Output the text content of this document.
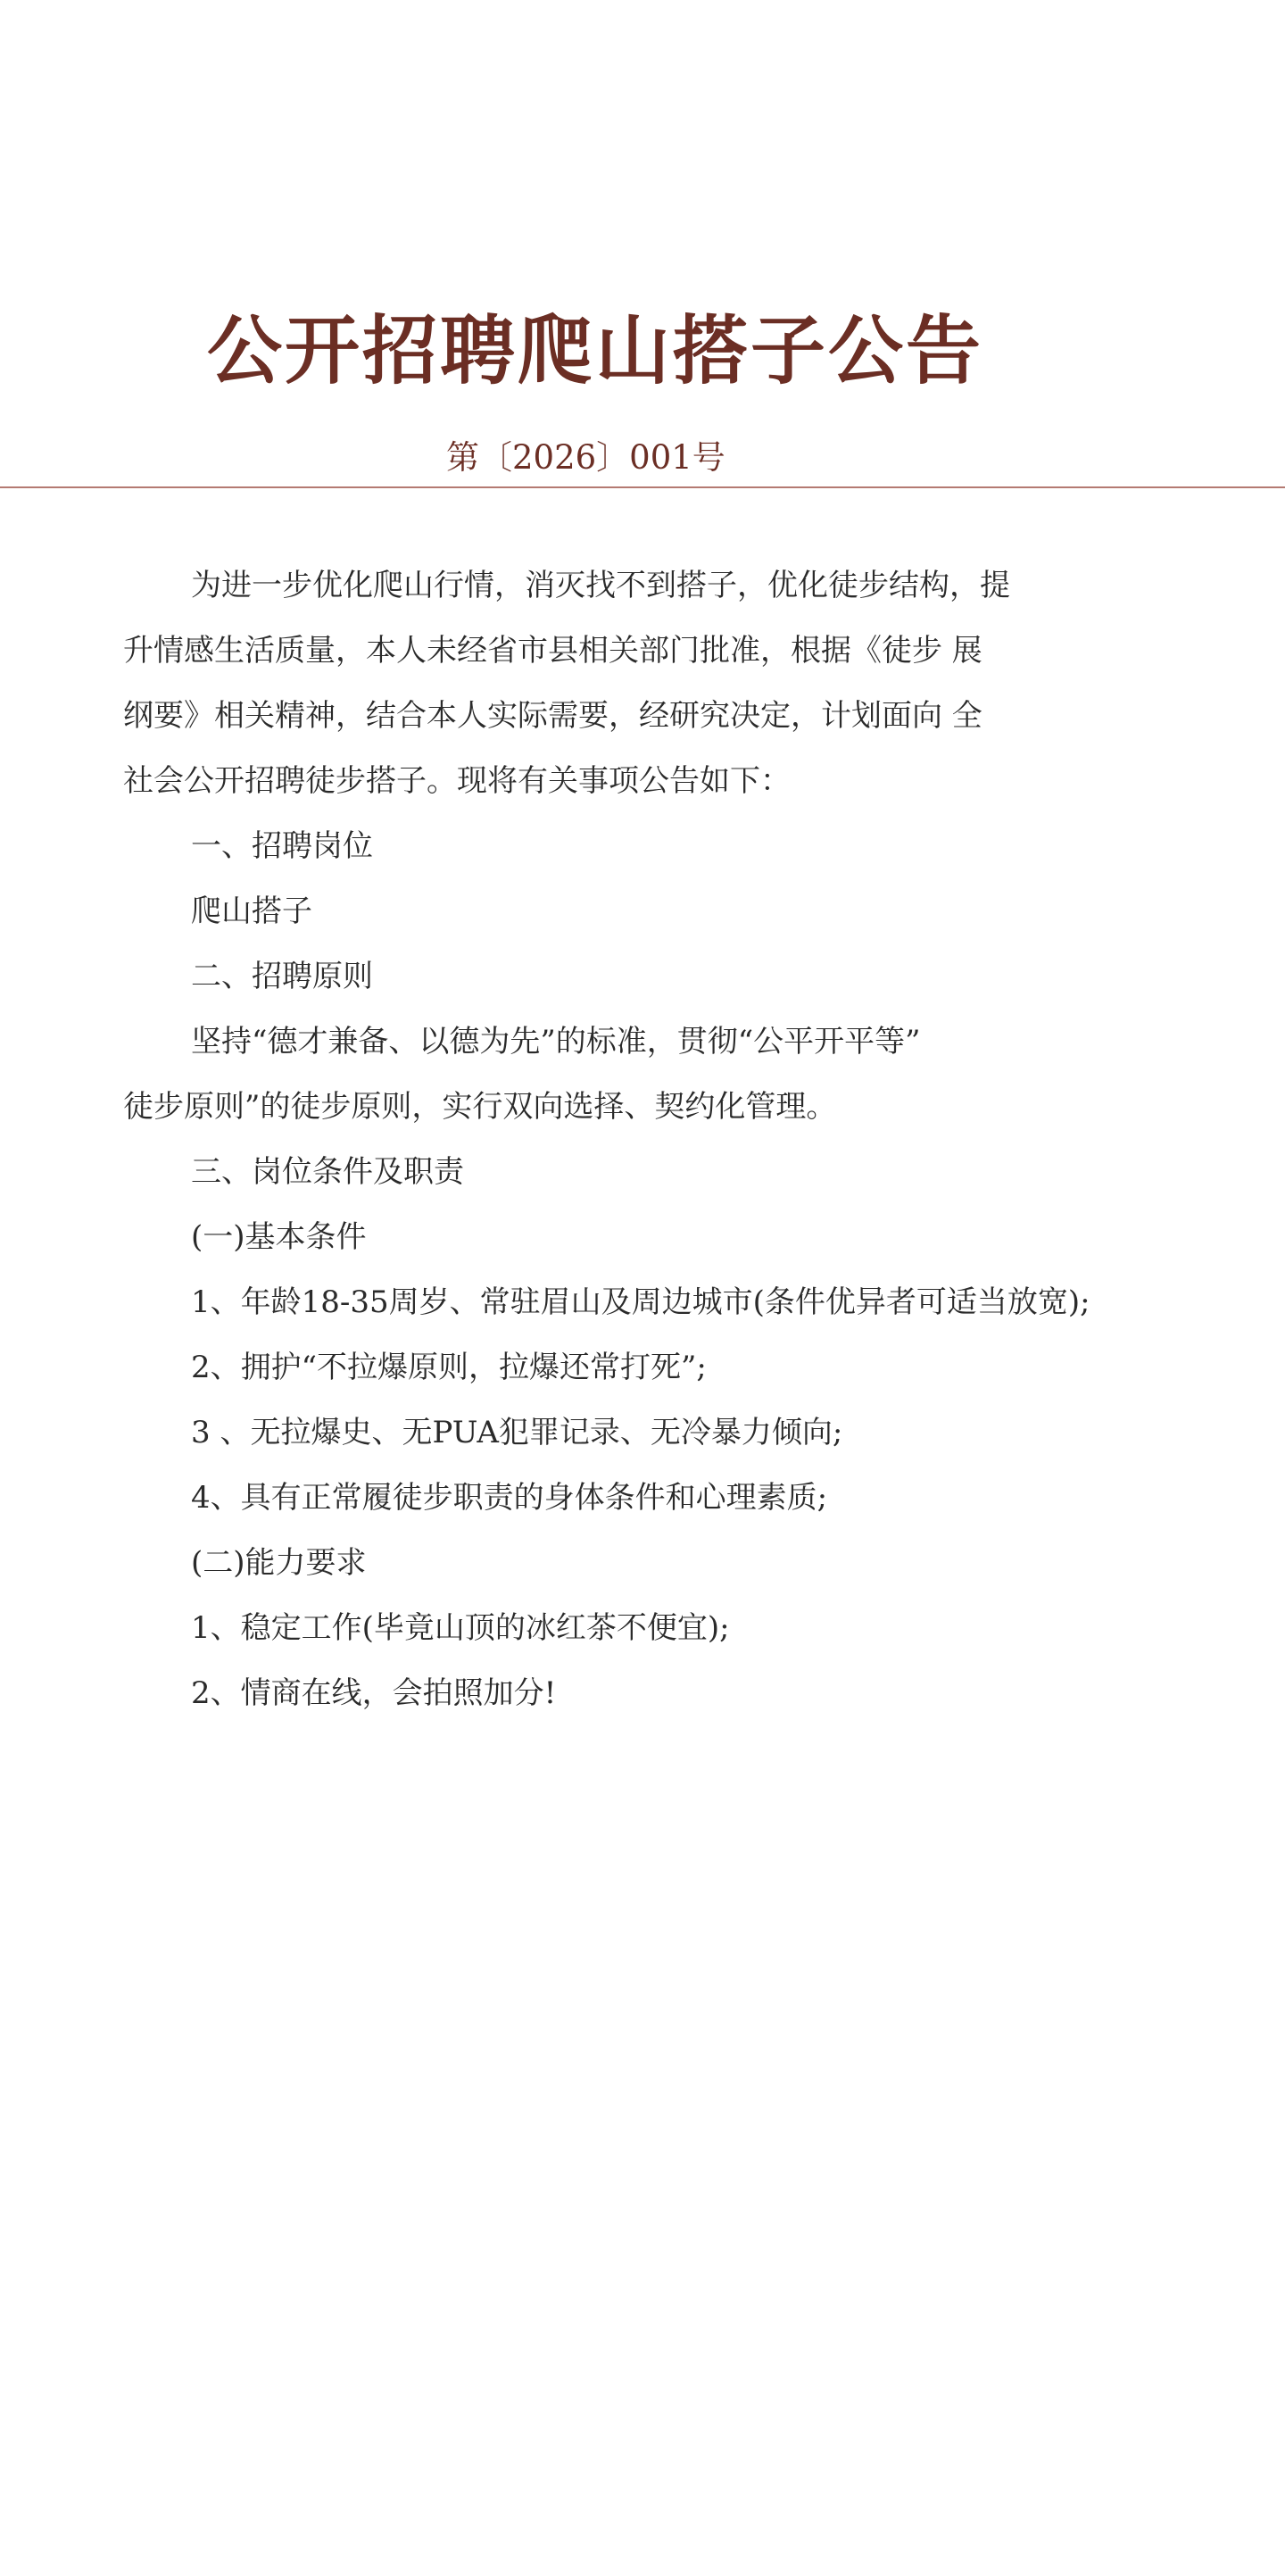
公开招聘爬山搭子公告
第〔2026〕001号

为进一步优化爬山行情，消灭找不到搭子，优化徒步结构，提
升情感生活质量，本人未经省市县相关部门批准，根据《徒步 展
纲要》相关精神，结合本人实际需要，经研究决定，计划面向 全
社会公开招聘徒步搭子。现将有关事项公告如下：

一、招聘岗位

爬山搭子

二、招聘原则

坚持“德才兼备、以德为先”的标准，贯彻“公平开平等”
徒步原则”的徒步原则，实行双向选择、契约化管理。

三、岗位条件及职责

(一)基本条件

1、年龄18-35周岁、常驻眉山及周边城市(条件优异者可适当放宽);

2、拥护“不拉爆原则，拉爆还常打死”;

3 、无拉爆史、无PUA犯罪记录、无冷暴力倾向;

4、具有正常履徒步职责的身体条件和心理素质;

(二)能力要求

1、稳定工作(毕竟山顶的冰红茶不便宜);

2、情商在线，会拍照加分!
